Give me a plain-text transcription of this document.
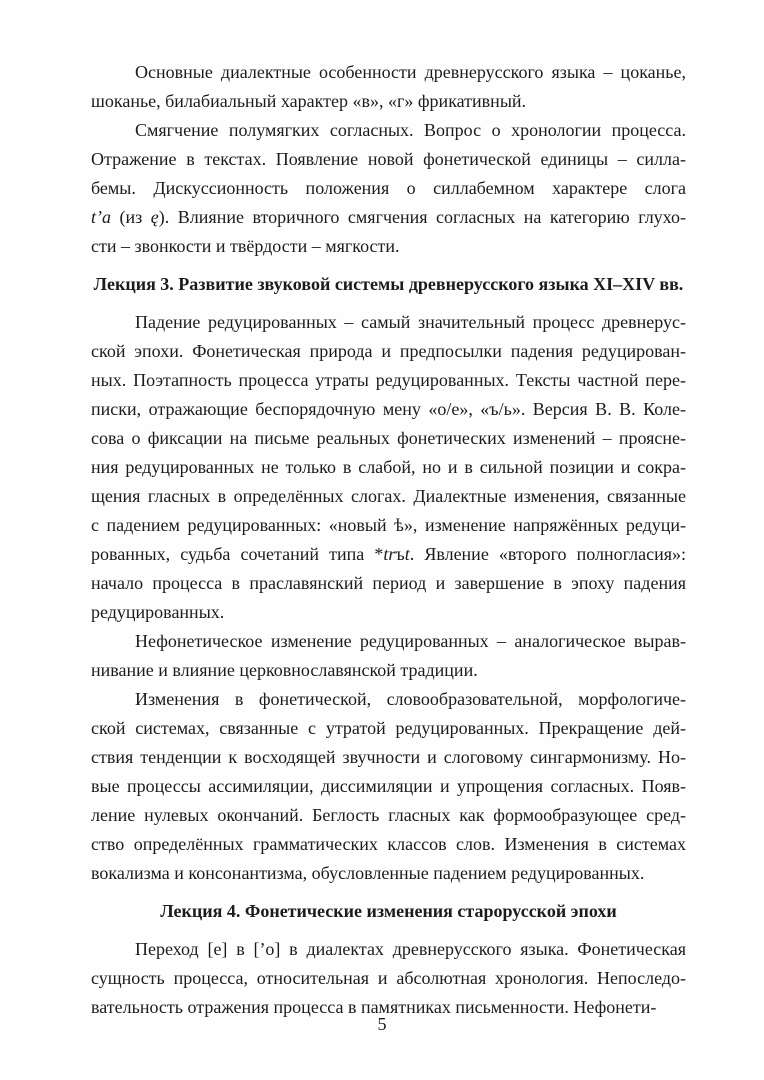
Основные диалектные особенности древнерусского языка – цоканье,
шоканье, билабиальный характер «в», «г» фрикативный.
Смягчение полумягких согласных. Вопрос о хронологии процесса.
Отражение в текстах. Появление новой фонетической единицы – силла-
бемы. Дискуссионность положения о силлабемном характере слога
t’a (из ę). Влияние вторичного смягчения согласных на категорию глухо-
сти – звонкости и твёрдости – мягкости.
Лекция 3. Развитие звуковой системы древнерусского языка XI–XIV вв.
Падение редуцированных – самый значительный процесс древнерус-
ской эпохи. Фонетическая природа и предпосылки падения редуцирован-
ных. Поэтапность процесса утраты редуцированных. Тексты частной пере-
писки, отражающие беспорядочную мену «о/е», «ъ/ь». Версия В. В. Коле-
сова о фиксации на письме реальных фонетических изменений – проясне-
ния редуцированных не только в слабой, но и в сильной позиции и сокра-
щения гласных в определённых слогах. Диалектные изменения, связанные
с падением редуцированных: «новый ѣ», изменение напряжённых редуци-
рованных, судьба сочетаний типа *trъt. Явление «второго полногласия»:
начало процесса в праславянский период и завершение в эпоху падения
редуцированных.
Нефонетическое изменение редуцированных – аналогическое вырав-
нивание и влияние церковнославянской традиции.
Изменения в фонетической, словообразовательной, морфологиче-
ской системах, связанные с утратой редуцированных. Прекращение дей-
ствия тенденции к восходящей звучности и слоговому сингармонизму. Но-
вые процессы ассимиляции, диссимиляции и упрощения согласных. Появ-
ление нулевых окончаний. Беглость гласных как формообразующее сред-
ство определённых грамматических классов слов. Изменения в системах
вокализма и консонантизма, обусловленные падением редуцированных.
Лекция 4. Фонетические изменения старорусской эпохи
Переход [е] в [’о] в диалектах древнерусского языка. Фонетическая
сущность процесса, относительная и абсолютная хронология. Непоследо-
вательность отражения процесса в памятниках письменности. Нефонети-
5
